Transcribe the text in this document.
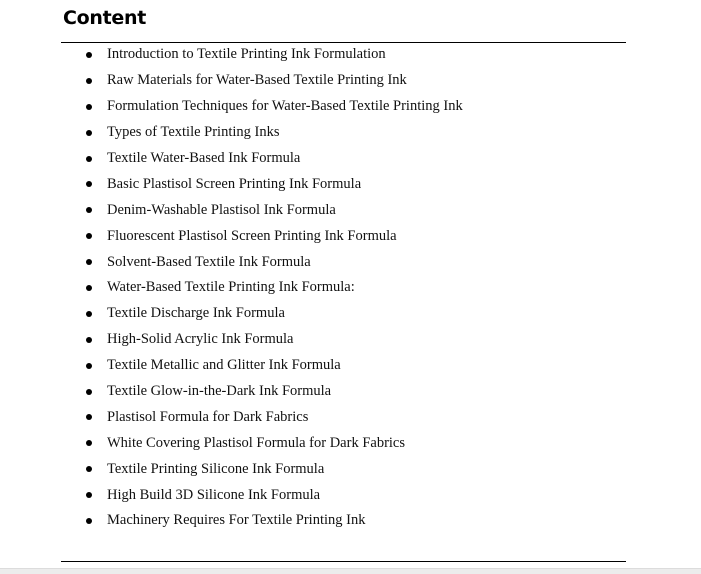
Content
Introduction to Textile Printing Ink Formulation
Raw Materials for Water-Based Textile Printing Ink
Formulation Techniques for Water-Based Textile Printing Ink
Types of Textile Printing Inks
Textile Water-Based Ink Formula
Basic Plastisol Screen Printing Ink Formula
Denim-Washable Plastisol Ink Formula
Fluorescent Plastisol Screen Printing Ink Formula
Solvent-Based Textile Ink Formula
Water-Based Textile Printing Ink Formula:
Textile Discharge Ink Formula
High-Solid Acrylic Ink Formula
Textile Metallic and Glitter Ink Formula
Textile Glow-in-the-Dark Ink Formula
Plastisol Formula for Dark Fabrics
White Covering Plastisol Formula for Dark Fabrics
Textile Printing Silicone Ink Formula
High Build 3D Silicone Ink Formula
Machinery Requires For Textile Printing Ink
